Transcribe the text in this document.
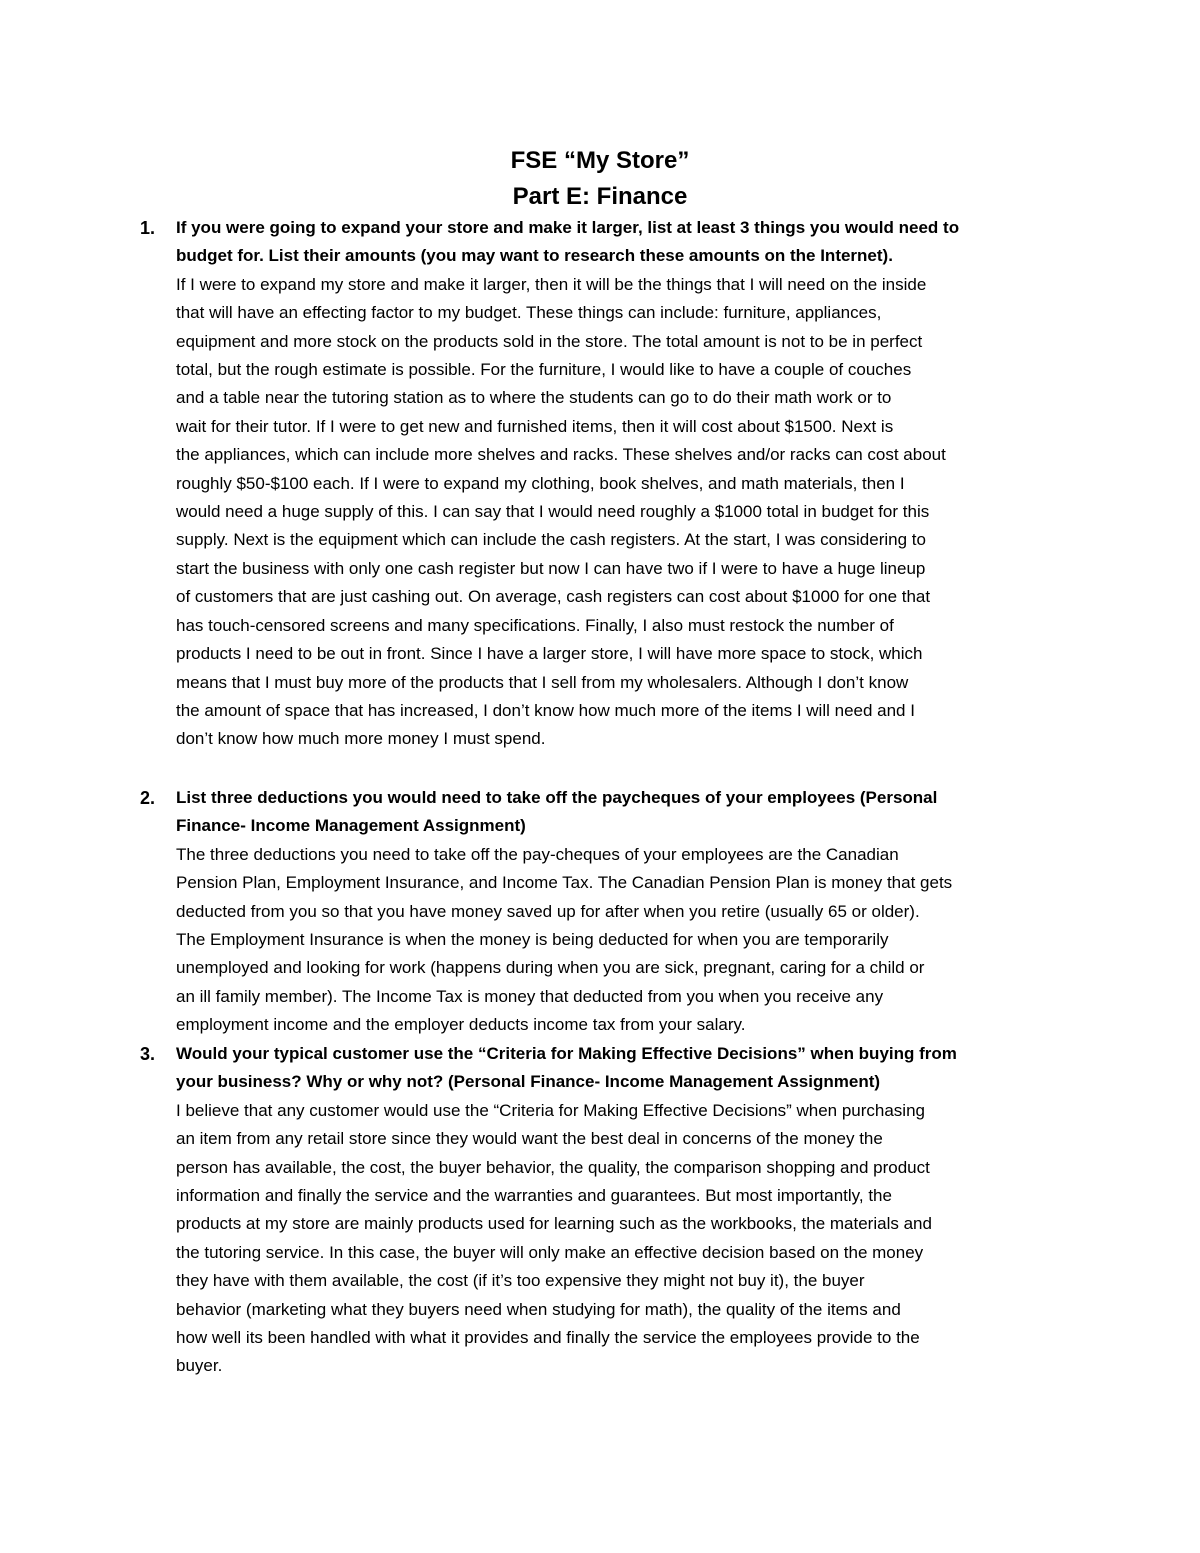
FSE “My Store”
Part E: Finance
1.	If you were going to expand your store and make it larger, list at least 3 things you would need to
budget for. List their amounts (you may want to research these amounts on the Internet).
If I were to expand my store and make it larger, then it will be the things that I will need on the inside
that will have an effecting factor to my budget. These things can include: furniture, appliances,
equipment and more stock on the products sold in the store. The total amount is not to be in perfect
total, but the rough estimate is possible. For the furniture, I would like to have a couple of couches
and a table near the tutoring station as to where the students can go to do their math work or to
wait for their tutor. If I were to get new and furnished items, then it will cost about $1500. Next is
the appliances, which can include more shelves and racks. These shelves and/or racks can cost about
roughly $50-$100 each. If I were to expand my clothing, book shelves, and math materials, then I
would need a huge supply of this. I can say that I would need roughly a $1000 total in budget for this
supply. Next is the equipment which can include the cash registers. At the start, I was considering to
start the business with only one cash register but now I can have two if I were to have a huge lineup
of customers that are just cashing out. On average, cash registers can cost about $1000 for one that
has touch-censored screens and many specifications. Finally, I also must restock the number of
products I need to be out in front. Since I have a larger store, I will have more space to stock, which
means that I must buy more of the products that I sell from my wholesalers. Although I don’t know
the amount of space that has increased, I don’t know how much more of the items I will need and I
don’t know how much more money I must spend.
2.	List three deductions you would need to take off the paycheques of your employees (Personal
Finance- Income Management Assignment)
The three deductions you need to take off the pay-cheques of your employees are the Canadian
Pension Plan, Employment Insurance, and Income Tax. The Canadian Pension Plan is money that gets
deducted from you so that you have money saved up for after when you retire (usually 65 or older).
The Employment Insurance is when the money is being deducted for when you are temporarily
unemployed and looking for work (happens during when you are sick, pregnant, caring for a child or
an ill family member). The Income Tax is money that deducted from you when you receive any
employment income and the employer deducts income tax from your salary.
3.	Would your typical customer use the “Criteria for Making Effective Decisions” when buying from
your business? Why or why not? (Personal Finance- Income Management Assignment)
I believe that any customer would use the “Criteria for Making Effective Decisions” when purchasing
an item from any retail store since they would want the best deal in concerns of the money the
person has available, the cost, the buyer behavior, the quality, the comparison shopping and product
information and finally the service and the warranties and guarantees. But most importantly, the
products at my store are mainly products used for learning such as the workbooks, the materials and
the tutoring service. In this case, the buyer will only make an effective decision based on the money
they have with them available, the cost (if it’s too expensive they might not buy it), the buyer
behavior (marketing what they buyers need when studying for math), the quality of the items and
how well its been handled with what it provides and finally the service the employees provide to the
buyer.
